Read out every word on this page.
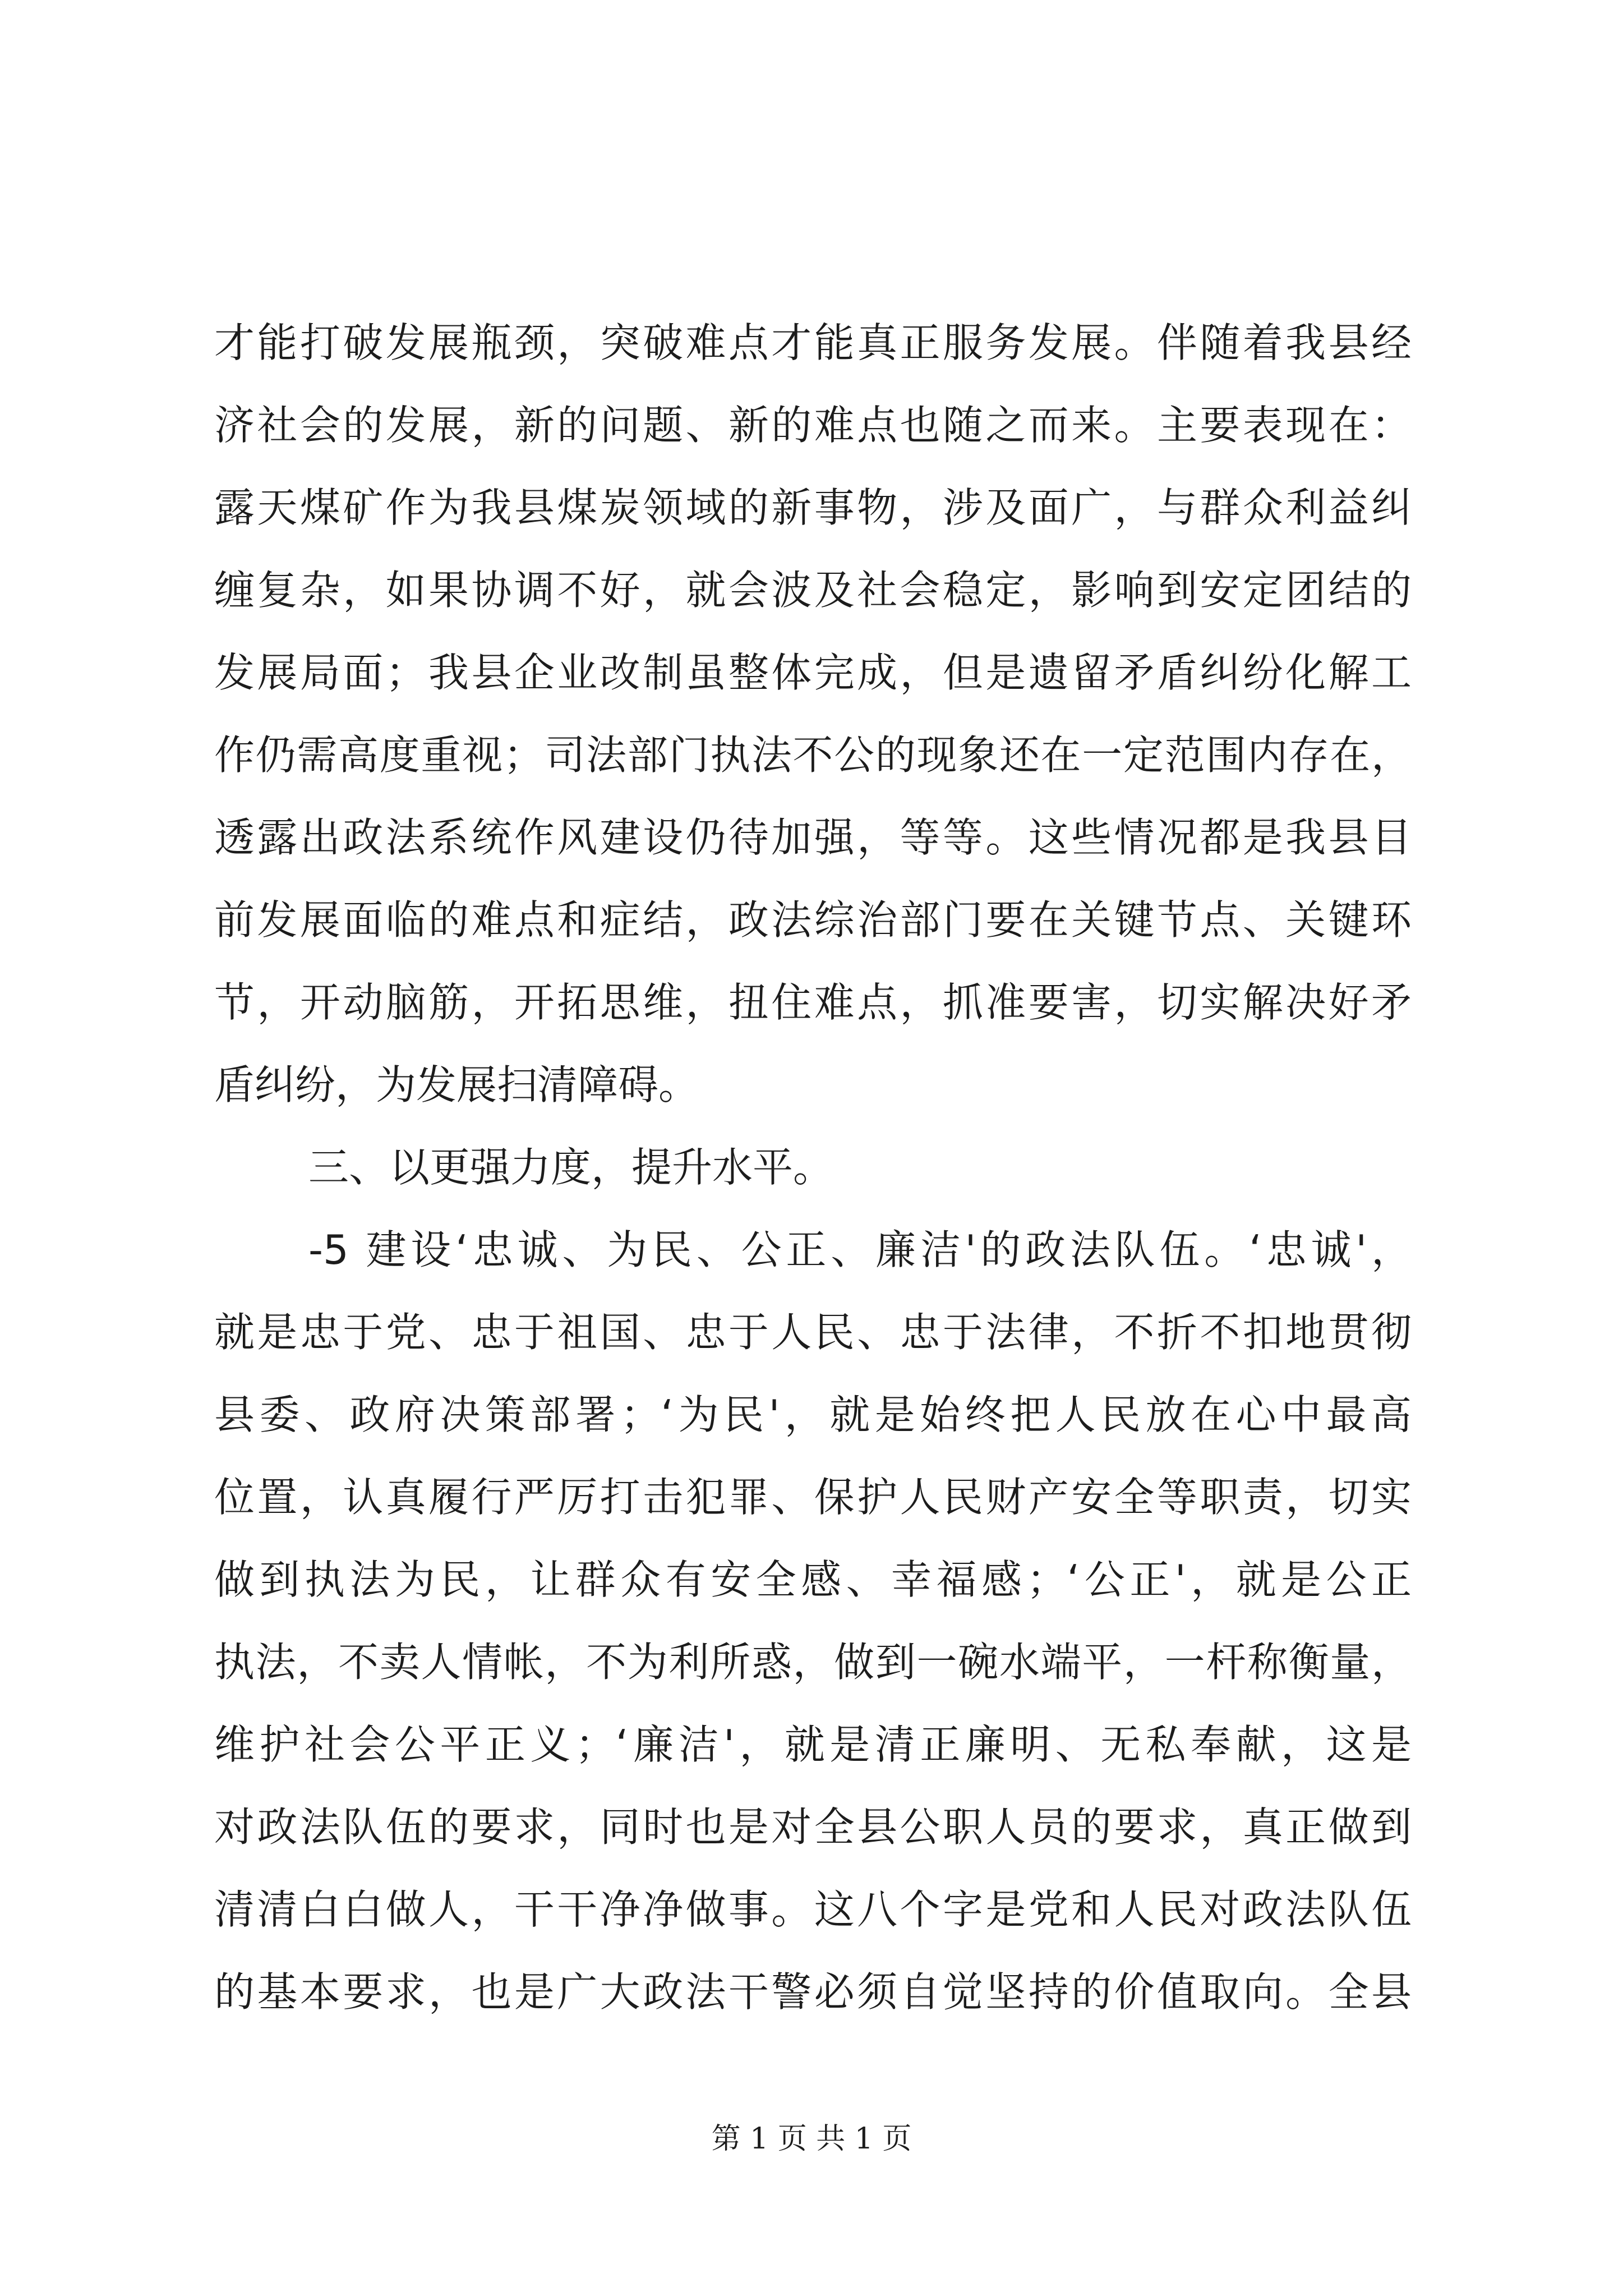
才能打破发展瓶颈，突破难点才能真正服务发展。伴随着我县经
济社会的发展，新的问题、新的难点也随之而来。主要表现在：
露天煤矿作为我县煤炭领域的新事物，涉及面广，与群众利益纠
缠复杂，如果协调不好，就会波及社会稳定，影响到安定团结的
发展局面；我县企业改制虽整体完成，但是遗留矛盾纠纷化解工
作仍需高度重视；司法部门执法不公的现象还在一定范围内存在，
透露出政法系统作风建设仍待加强，等等。这些情况都是我县目
前发展面临的难点和症结，政法综治部门要在关键节点、关键环
节，开动脑筋，开拓思维，扭住难点，抓准要害，切实解决好矛
盾纠纷，为发展扫清障碍。
三、以更强力度，提升水平。
-5 建设‘忠诚、为民、公正、廉洁'的政法队伍。‘忠诚'，
就是忠于党、忠于祖国、忠于人民、忠于法律，不折不扣地贯彻
县委、政府决策部署；‘为民'，就是始终把人民放在心中最高
位置，认真履行严厉打击犯罪、保护人民财产安全等职责，切实
做到执法为民，让群众有安全感、幸福感；‘公正'，就是公正
执法，不卖人情帐，不为利所惑，做到一碗水端平，一杆称衡量，
维护社会公平正义；‘廉洁'，就是清正廉明、无私奉献，这是
对政法队伍的要求，同时也是对全县公职人员的要求，真正做到
清清白白做人，干干净净做事。这八个字是党和人民对政法队伍
的基本要求，也是广大政法干警必须自觉坚持的价值取向。全县
第 1 页 共 1 页
